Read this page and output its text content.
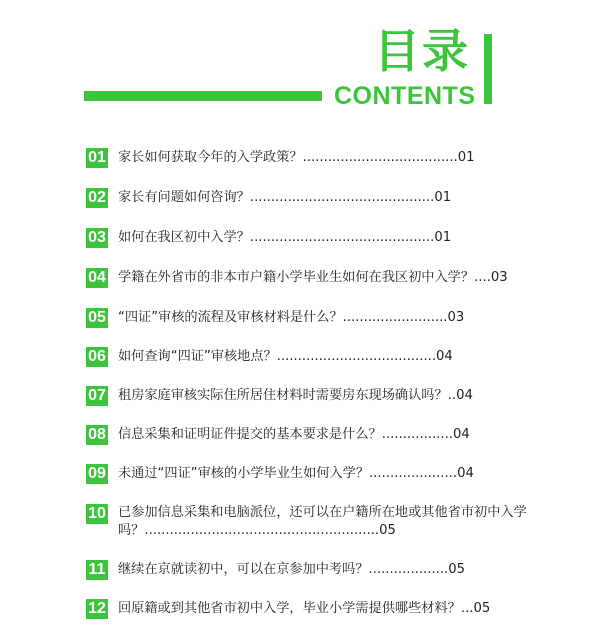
目录
CONTENTS
01 家长如何获取今年的入学政策？.....................................01
02 家长有问题如何咨询？............................................01
03 如何在我区初中入学？............................................01
04 学籍在外省市的非本市户籍小学毕业生如何在我区初中入学？....03
05 “四证”审核的流程及审核材料是什么？.........................03
06 如何查询“四证”审核地点？......................................04
07 租房家庭审核实际住所居住材料时需要房东现场确认吗？..04
08 信息采集和证明证件提交的基本要求是什么？.................04
09 未通过“四证”审核的小学毕业生如何入学？.....................04
10 已参加信息采集和电脑派位，还可以在户籍所在地或其他省市初中入学吗？........................................................05
11 继续在京就读初中，可以在京参加中考吗？...................05
12 回原籍或到其他省市初中入学，毕业小学需提供哪些材料？...05
